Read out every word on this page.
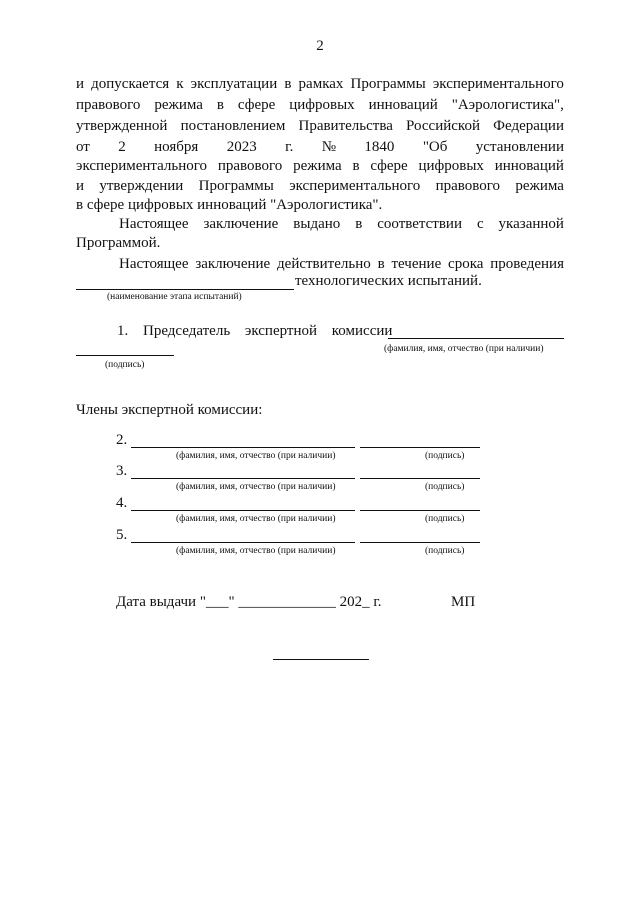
2
и допускается к эксплуатации в рамках Программы экспериментального
правового режима в сфере цифровых инноваций "Аэрологистика",
утвержденной постановлением Правительства Российской Федерации
от 2 ноября 2023 г. № 1840 "Об установлении
экспериментального правового режима в сфере цифровых инноваций
и утверждении Программы экспериментального правового режима
в сфере цифровых инноваций "Аэрологистика".
Настоящее заключение выдано в соответствии с указанной
Программой.
Настоящее заключение действительно в течение срока проведения
технологических испытаний.
(наименование этапа испытаний)
1. Председатель экспертной комиссии
(фамилия, имя, отчество (при наличии)
(подпись)
Члены экспертной комиссии:
2.
(фамилия, имя, отчество (при наличии)	(подпись)
3.
(фамилия, имя, отчество (при наличии)	(подпись)
4.
(фамилия, имя, отчество (при наличии)	(подпись)
5.
(фамилия, имя, отчество (при наличии)	(подпись)
Дата выдачи "___" _____________ 202_ г.	МП
